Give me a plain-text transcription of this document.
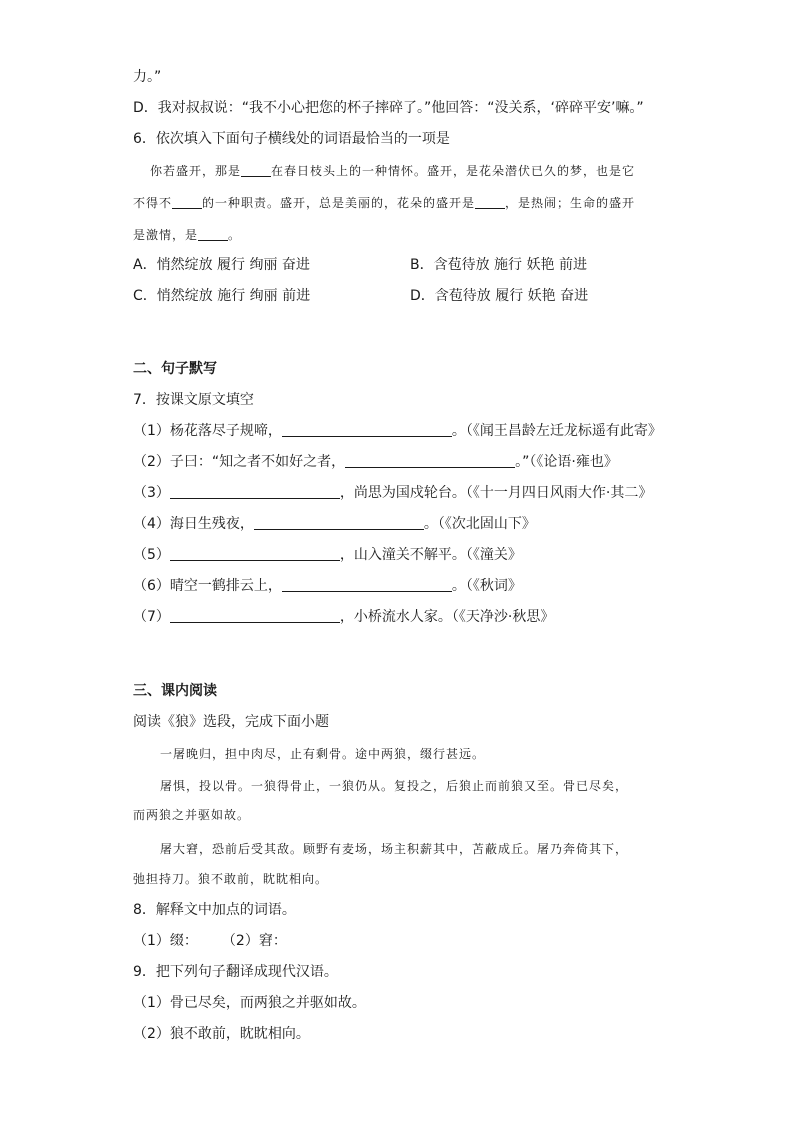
力。”
D．我对叔叔说：“我不小心把您的杯子摔碎了。”他回答：“没关系，‘碎碎平安’嘛。”
6．依次填入下面句子横线处的词语最恰当的一项是
你若盛开，那是	在春日枝头上的一种情怀。盛开，是花朵潜伏已久的梦，也是它
不得不	的一种职责。盛开，总是美丽的，花朵的盛开是	，是热闹；生命的盛开
是激情，是	。
A．悄然绽放 履行 绚丽 奋进	B．含苞待放 施行 妖艳 前进
C．悄然绽放 施行 绚丽 前进	D．含苞待放 履行 妖艳 奋进
二、句子默写
7．按课文原文填空
（1）杨花落尽子规啼，	。（《闻王昌龄左迁龙标遥有此寄》
（2）子曰：“知之者不如好之者，	。”（《论语·雍也》
（3）	，尚思为国戍轮台。（《十一月四日风雨大作·其二》
（4）海日生残夜，	。（《次北固山下》
（5）	，山入潼关不解平。（《潼关》
（6）晴空一鹤排云上，	。（《秋词》
（7）	，小桥流水人家。（《天净沙·秋思》
三、课内阅读
阅读《狼》选段，完成下面小题
一屠晚归，担中肉尽，止有剩骨。途中两狼，缀行甚远。
屠惧，投以骨。一狼得骨止，一狼仍从。复投之，后狼止而前狼又至。骨已尽矣，
而两狼之并驱如故。
屠大窘，恐前后受其敌。顾野有麦场，场主积薪其中，苫蔽成丘。屠乃奔倚其下，
弛担持刀。狼不敢前，眈眈相向。
8．解释文中加点的词语。
（1）缀： （2）窘：
9．把下列句子翻译成现代汉语。
（1）骨已尽矣，而两狼之并驱如故。
（2）狼不敢前，眈眈相向。
